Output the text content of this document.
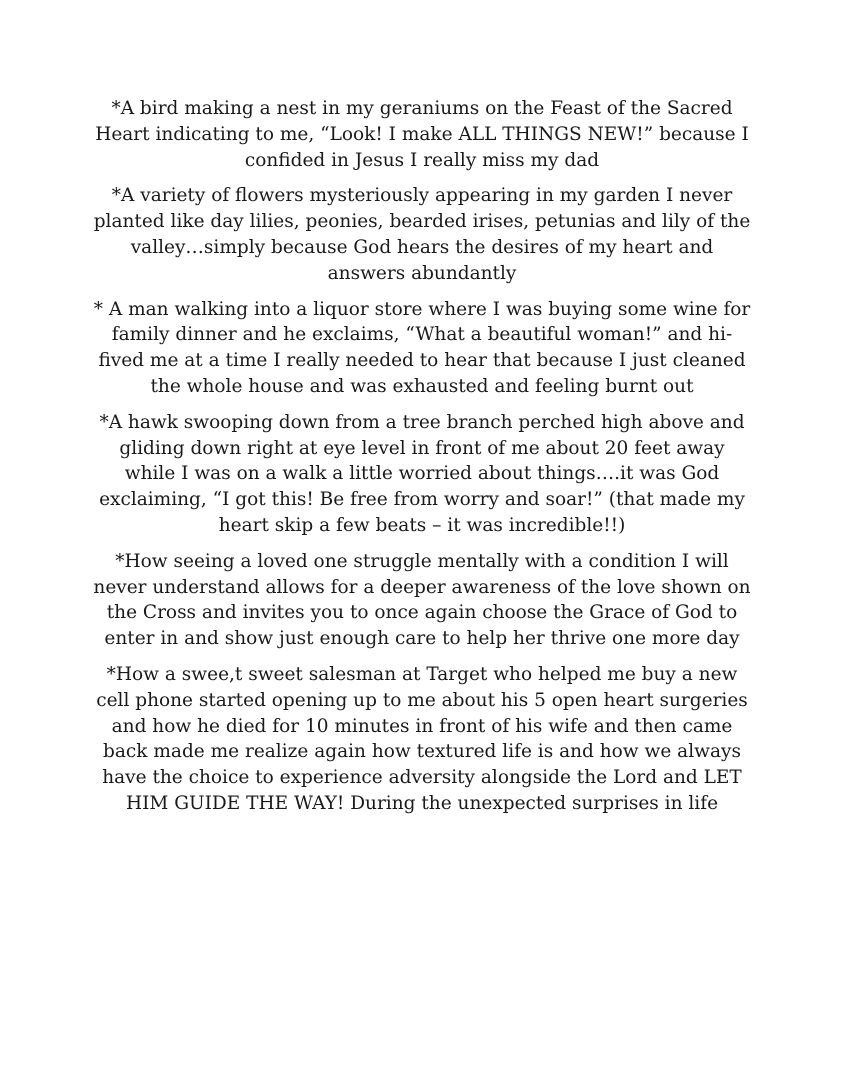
*A bird making a nest in my geraniums on the Feast of the Sacred Heart indicating to me, “Look! I make ALL THINGS NEW!” because I confided in Jesus I really miss my dad

*A variety of flowers mysteriously appearing in my garden I never planted like day lilies, peonies, bearded irises, petunias and lily of the valley…simply because God hears the desires of my heart and answers abundantly

* A man walking into a liquor store where I was buying some wine for family dinner and he exclaims, “What a beautiful woman!” and hi-fived me at a time I really needed to hear that because I just cleaned the whole house and was exhausted and feeling burnt out

*A hawk swooping down from a tree branch perched high above and gliding down right at eye level in front of me about 20 feet away while I was on a walk a little worried about things….it was God exclaiming, “I got this! Be free from worry and soar!” (that made my heart skip a few beats – it was incredible!!)

*How seeing a loved one struggle mentally with a condition I will never understand allows for a deeper awareness of the love shown on the Cross and invites you to once again choose the Grace of God to enter in and show just enough care to help her thrive one more day

*How a swee,t sweet salesman at Target who helped me buy a new cell phone started opening up to me about his 5 open heart surgeries and how he died for 10 minutes in front of his wife and then came back made me realize again how textured life is and how we always have the choice to experience adversity alongside the Lord and LET HIM GUIDE THE WAY! During the unexpected surprises in life
